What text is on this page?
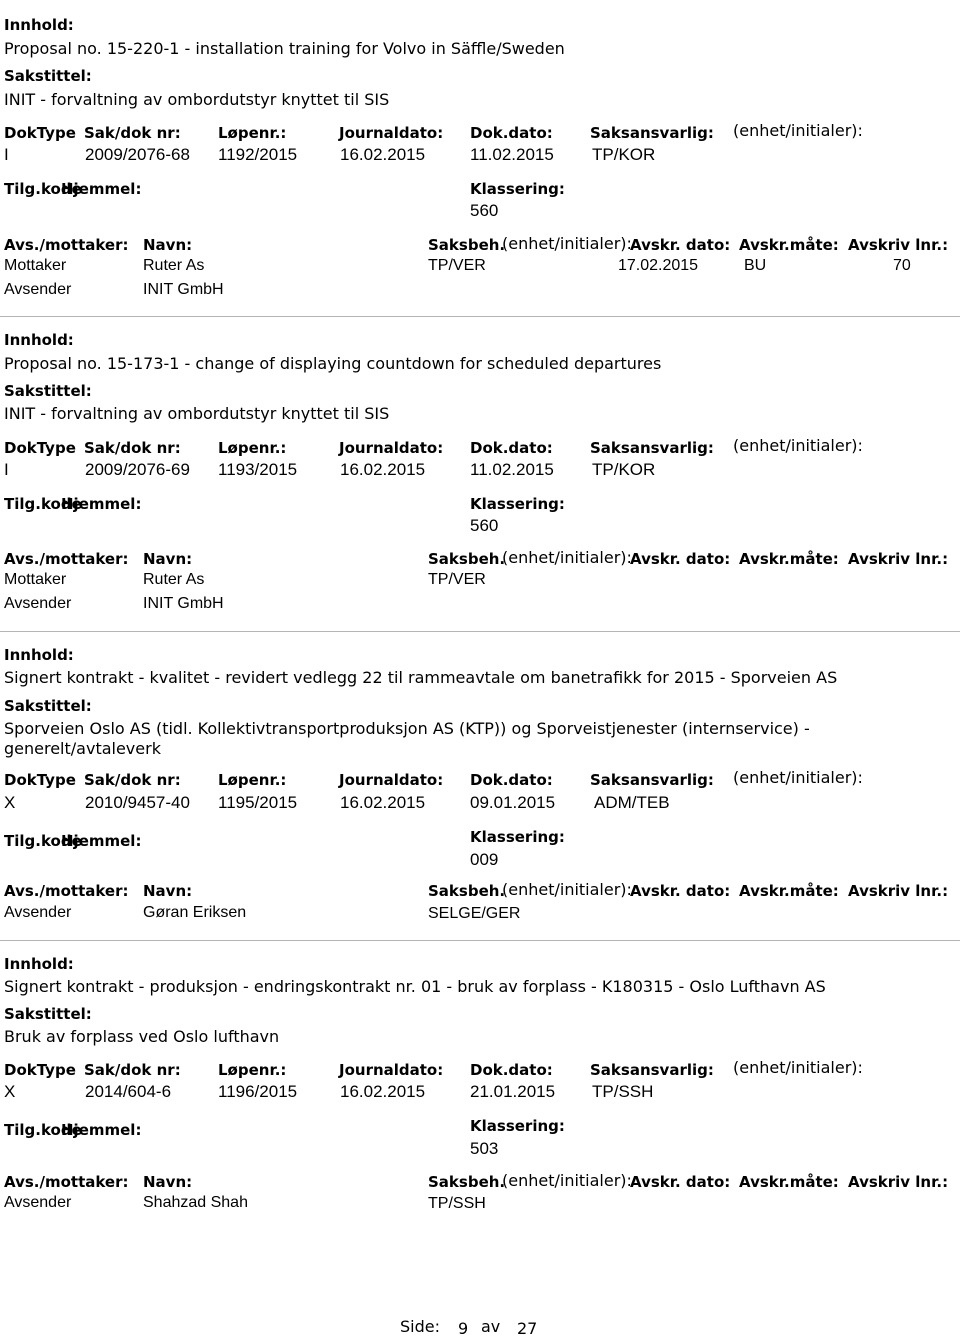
Innhold:
Proposal no. 15-220-1 - installation training for Volvo in Säffle/Sweden
Sakstittel:
INIT - forvaltning av ombordutstyr knyttet til SIS
DokType Sak/dok nr: Løpenr.:	Journaldato: Dok.dato: Saksansvarlig: (enhet/initialer):
I	2009/2076-68 1192/2015	16.02.2015	11.02.2015 TP/KOR
Tilg.kode
Hjemmel:	Klassering:
560
Avs./mottaker: Navn:	Saksbeh.
(enhet/initialer):
Avskr. dato: Avskr.måte: Avskriv lnr.:
Mottaker	Ruter As	TP/VER	17.02.2015	BU	70
Avsender	INIT GmbH
Innhold:
Proposal no. 15-173-1 - change of displaying countdown for scheduled departures
Sakstittel:
INIT - forvaltning av ombordutstyr knyttet til SIS
DokType Sak/dok nr: Løpenr.:	Journaldato: Dok.dato: Saksansvarlig: (enhet/initialer):
I	2009/2076-69 1193/2015	16.02.2015	11.02.2015 TP/KOR
Tilg.kode
Hjemmel:	Klassering:
560
Avs./mottaker: Navn:	Saksbeh.
(enhet/initialer):
Avskr. dato: Avskr.måte: Avskriv lnr.:
Mottaker	Ruter As	TP/VER
Avsender	INIT GmbH
Innhold:
Signert kontrakt - kvalitet - revidert vedlegg 22 til rammeavtale om banetrafikk for 2015 - Sporveien AS
Sakstittel:
Sporveien Oslo AS (tidl. Kollektivtransportproduksjon AS (KTP)) og Sporveistjenester (internservice) -
generelt/avtaleverk
DokType Sak/dok nr: Løpenr.:	Journaldato: Dok.dato: Saksansvarlig: (enhet/initialer):
X	2010/9457-40 1195/2015	16.02.2015	09.01.2015 ADM/TEB
Tilg.kode
Hjemmel:	Klassering:
009
Avs./mottaker: Navn:	Saksbeh.
(enhet/initialer):
Avskr. dato: Avskr.måte: Avskriv lnr.:
Avsender	Gøran Eriksen	SELGE/GER
Innhold:
Signert kontrakt - produksjon - endringskontrakt nr. 01 - bruk av forplass - K180315 - Oslo Lufthavn AS
Sakstittel:
Bruk av forplass ved Oslo lufthavn
DokType Sak/dok nr: Løpenr.:	Journaldato: Dok.dato: Saksansvarlig: (enhet/initialer):
X	2014/604-6	1196/2015	16.02.2015	21.01.2015 TP/SSH
Tilg.kode
Hjemmel:	Klassering:
503
Avs./mottaker: Navn:	Saksbeh.
(enhet/initialer):
Avskr. dato: Avskr.måte: Avskriv lnr.:
Avsender	Shahzad Shah	TP/SSH
Side: 9 av 27
